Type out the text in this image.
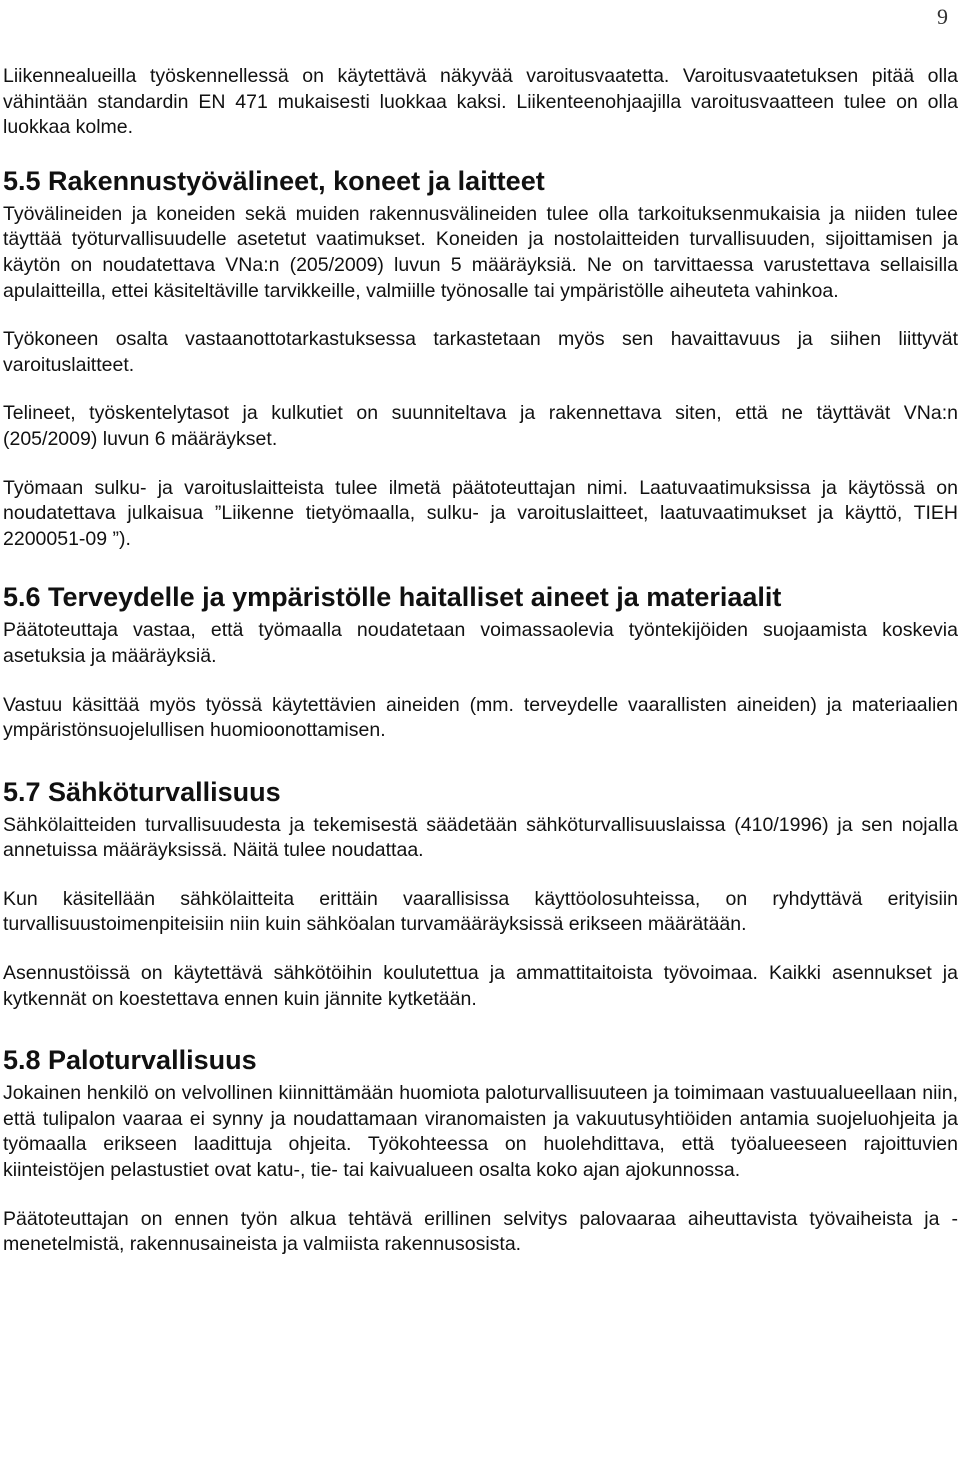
9

Liikennealueilla työskennellessä on käytettävä näkyvää varoitusvaatetta. Varoitusvaatetuksen pitää olla vähintään standardin EN 471 mukaisesti luokkaa kaksi. Liikenteenohjaajilla varoitusvaatteen tulee on olla luokkaa kolme.

5.5 Rakennustyövälineet, koneet ja laitteet

Työvälineiden ja koneiden sekä muiden rakennusvälineiden tulee olla tarkoituksenmukaisia ja niiden tulee täyttää työturvallisuudelle asetetut vaatimukset. Koneiden ja nostolaitteiden turvallisuuden, sijoittamisen ja käytön on noudatettava VNa:n (205/2009) luvun 5 määräyksiä. Ne on tarvittaessa varustettava sellaisilla apulaitteilla, ettei käsiteltäville tarvikkeille, valmiille työnosalle tai ympäristölle aiheuteta vahinkoa.

Työkoneen osalta vastaanottotarkastuksessa tarkastetaan myös sen havaittavuus ja siihen liittyvät varoituslaitteet.

Telineet, työskentelytasot ja kulkutiet on suunniteltava ja rakennettava siten, että ne täyttävät VNa:n (205/2009) luvun 6 määräykset.

Työmaan sulku- ja varoituslaitteista tulee ilmetä päätoteuttajan nimi. Laatuvaatimuksissa ja käytössä on noudatettava julkaisua ”Liikenne tietyömaalla, sulku- ja varoituslaitteet, laatuvaatimukset ja käyttö, TIEH 2200051-09 ”).

5.6 Terveydelle ja ympäristölle haitalliset aineet ja materiaalit

Päätoteuttaja vastaa, että työmaalla noudatetaan voimassaolevia työntekijöiden suojaamista koskevia asetuksia ja määräyksiä.

Vastuu käsittää myös työssä käytettävien aineiden (mm. terveydelle vaarallisten aineiden) ja materiaalien ympäristönsuojelullisen huomioonottamisen.

5.7 Sähköturvallisuus

Sähkölaitteiden turvallisuudesta ja tekemisestä säädetään sähköturvallisuuslaissa (410/1996) ja sen nojalla annetuissa määräyksissä. Näitä tulee noudattaa.

Kun käsitellään sähkölaitteita erittäin vaarallisissa käyttöolosuhteissa, on ryhdyttävä erityisiin turvallisuustoimenpiteisiin niin kuin sähköalan turvamääräyksissä erikseen määrätään.

Asennustöissä on käytettävä sähkötöihin koulutettua ja ammattitaitoista työvoimaa. Kaikki asennukset ja kytkennät on koestettava ennen kuin jännite kytketään.

5.8 Paloturvallisuus

Jokainen henkilö on velvollinen kiinnittämään huomiota paloturvallisuuteen ja toimimaan vastuualueellaan niin, että tulipalon vaaraa ei synny ja noudattamaan viranomaisten ja vakuutusyhtiöiden antamia suojeluohjeita ja työmaalla erikseen laadittuja ohjeita. Työkohteessa on huolehdittava, että työalueeseen rajoittuvien kiinteistöjen pelastustiet ovat katu-, tie- tai kaivualueen osalta koko ajan ajokunnossa.

Päätoteuttajan on ennen työn alkua tehtävä erillinen selvitys palovaaraa aiheuttavista työvaiheista ja -menetelmistä, rakennusaineista ja valmiista rakennusosista.
